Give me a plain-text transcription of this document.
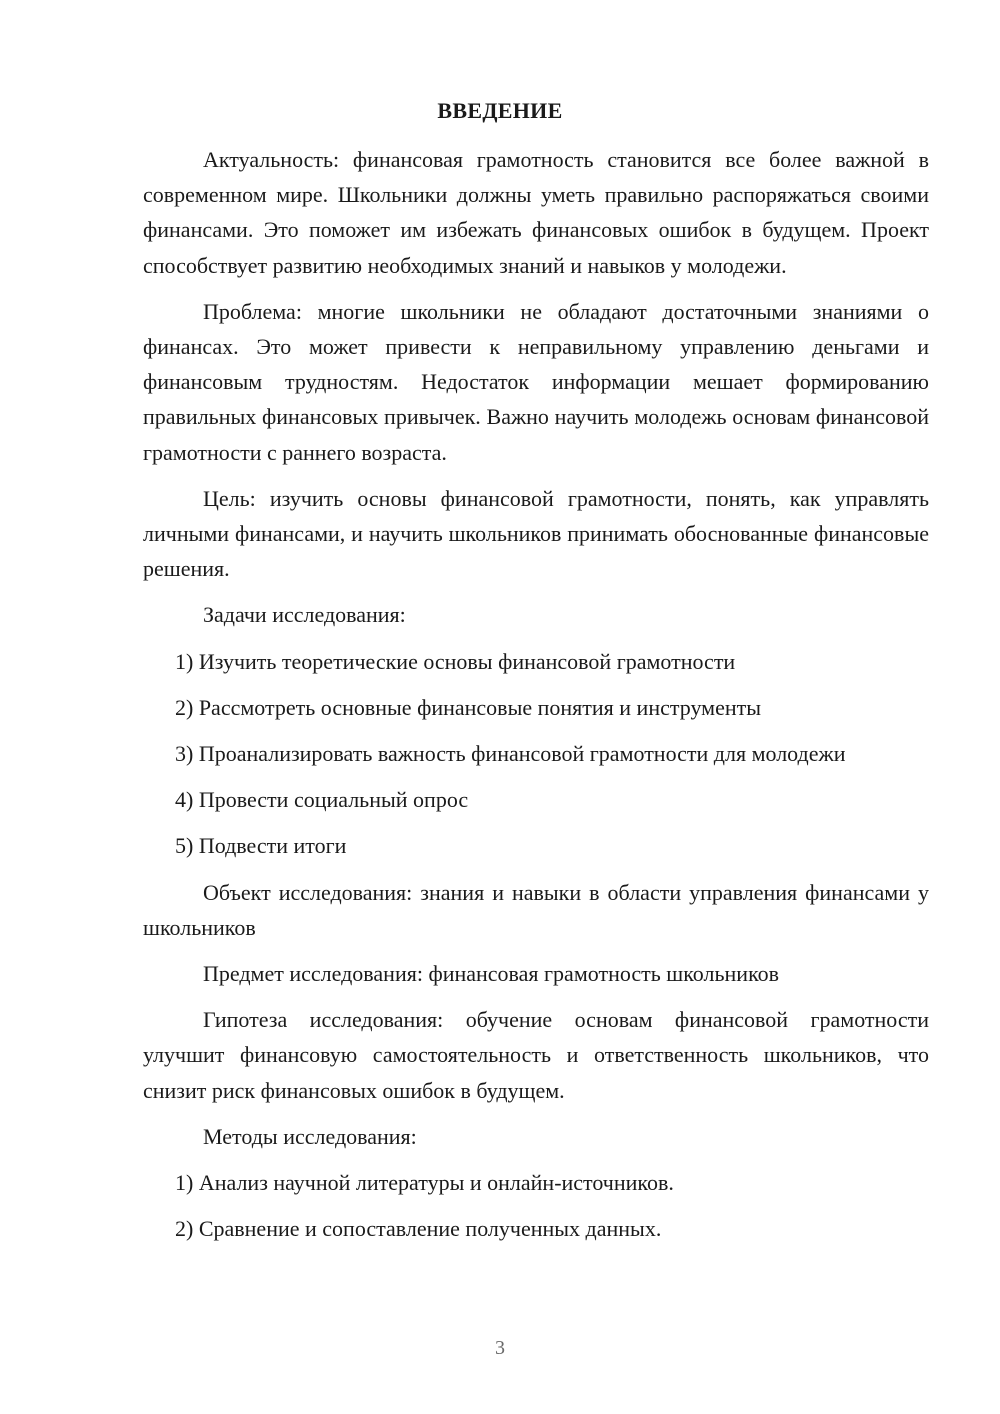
ВВЕДЕНИЕ

Актуальность: финансовая грамотность становится все более важной в современном мире. Школьники должны уметь правильно распоряжаться своими финансами. Это поможет им избежать финансовых ошибок в будущем. Проект способствует развитию необходимых знаний и навыков у молодежи.

Проблема: многие школьники не обладают достаточными знаниями о финансах. Это может привести к неправильному управлению деньгами и финансовым трудностям. Недостаток информации мешает формированию правильных финансовых привычек. Важно научить молодежь основам финансовой грамотности с раннего возраста.

Цель: изучить основы финансовой грамотности, понять, как управлять личными финансами, и научить школьников принимать обоснованные финансовые решения.

Задачи исследования:

1) Изучить теоретические основы финансовой грамотности

2) Рассмотреть основные финансовые понятия и инструменты

3) Проанализировать важность финансовой грамотности для молодежи

4) Провести социальный опрос

5) Подвести итоги

Объект исследования: знания и навыки в области управления финансами у школьников

Предмет исследования: финансовая грамотность школьников

Гипотеза исследования: обучение основам финансовой грамотности улучшит финансовую самостоятельность и ответственность школьников, что снизит риск финансовых ошибок в будущем.

Методы исследования:

1) Анализ научной литературы и онлайн-источников.

2) Сравнение и сопоставление полученных данных.

3
